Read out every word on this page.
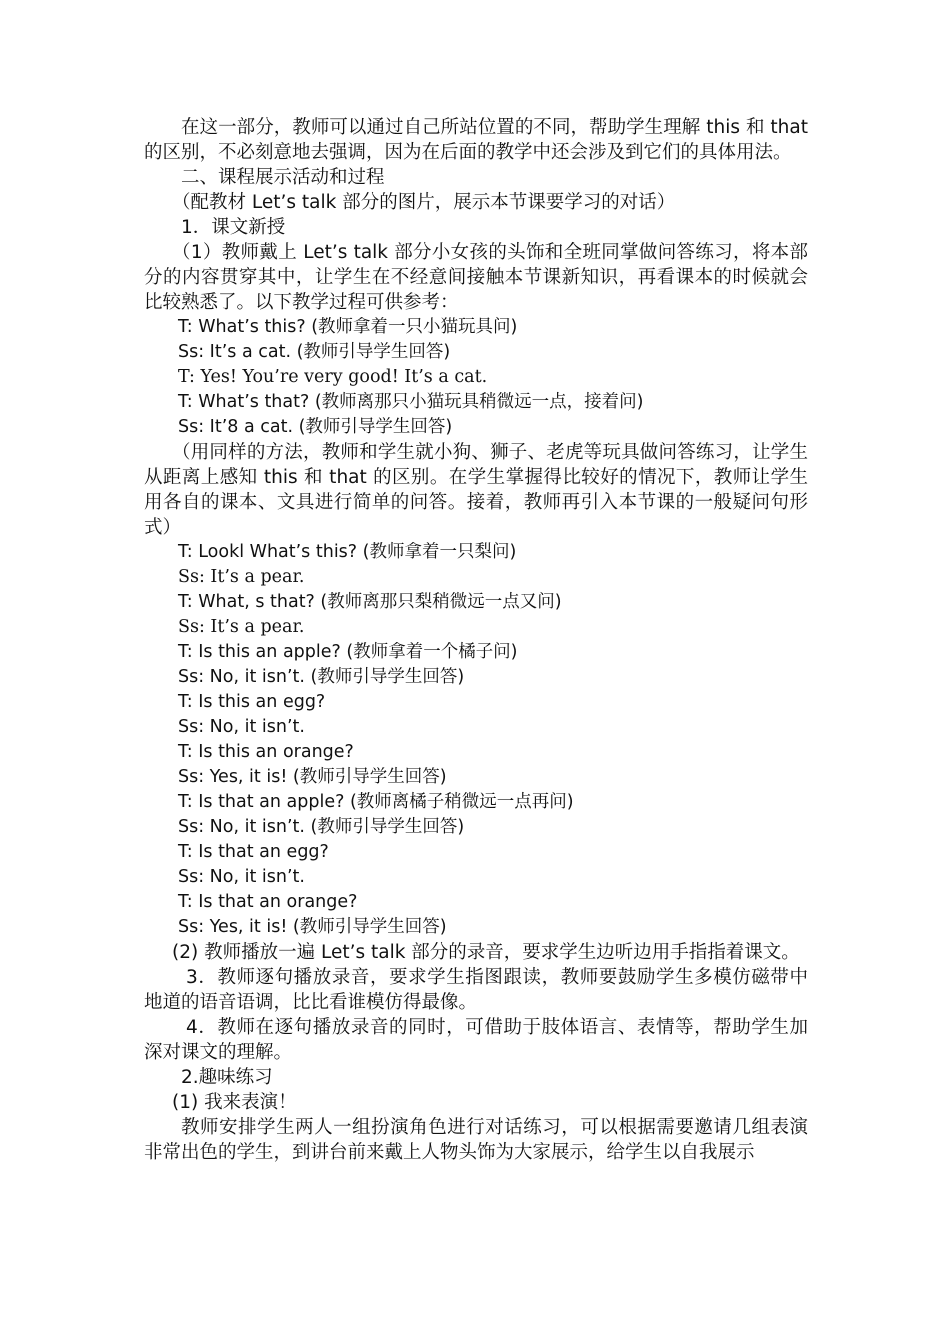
在这一部分，教师可以通过自己所站位置的不同，帮助学生理解 this 和 that 的区别，不必刻意地去强调，因为在后面的教学中还会涉及到它们的具体用法。

二、课程展示活动和过程

（配教材 Let’s talk 部分的图片，展示本节课要学习的对话）

1．课文新授

（1）教师戴上 Let’s talk 部分小女孩的头饰和全班同掌做问答练习，将本部分的内容贯穿其中，让学生在不经意间接触本节课新知识，再看课本的时候就会比较熟悉了。以下教学过程可供参考：

T: What’s this? (教师拿着一只小猫玩具问)

Ss: It’s a cat. (教师引导学生回答)

T: Yes! You’re very good! It’s a cat.

T: What’s that? (教师离那只小猫玩具稍微远一点，接着问)

Ss: It’8 a cat. (教师引导学生回答)

（用同样的方法，教师和学生就小狗、狮子、老虎等玩具做问答练习，让学生从距离上感知 this 和 that 的区别。在学生掌握得比较好的情况下，教师让学生用各自的课本、文具进行简单的问答。接着，教师再引入本节课的一般疑问句形式）

T: Lookl What’s this? (教师拿着一只梨问)

Ss: It’s a pear.

T: What, s that? (教师离那只梨稍微远一点又问)

Ss: It’s a pear.

T: Is this an apple? (教师拿着一个橘子问)

Ss: No, it isn’t. (教师引导学生回答)

T: Is this an egg?

Ss: No, it isn’t.

T: Is this an orange?

Ss: Yes, it is! (教师引导学生回答)

T: Is that an apple? (教师离橘子稍微远一点再问)

Ss: No, it isn’t. (教师引导学生回答)

T: Is that an egg?

Ss: No, it isn’t.

T: Is that an orange?

Ss: Yes, it is! (教师引导学生回答)

(2) 教师播放一遍 Let’s talk 部分的录音，要求学生边听边用手指指着课文。

3．教师逐句播放录音，要求学生指图跟读，教师要鼓励学生多模仿磁带中地道的语音语调，比比看谁模仿得最像。

4．教师在逐句播放录音的同时，可借助于肢体语言、表情等，帮助学生加深对课文的理解。

2.趣味练习

(1) 我来表演！

教师安排学生两人一组扮演角色进行对话练习，可以根据需要邀请几组表演非常出色的学生，到讲台前来戴上人物头饰为大家展示，给学生以自我展示
